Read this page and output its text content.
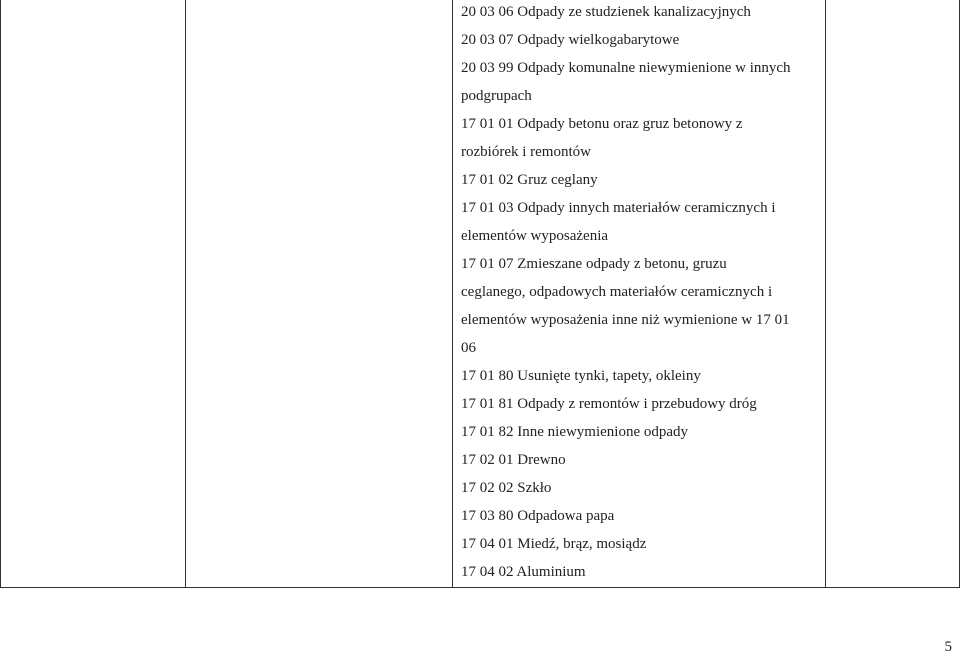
20 03 06 Odpady ze studzienek kanalizacyjnych
20 03 07 Odpady wielkogabarytowe
20 03 99 Odpady komunalne niewymienione w innych
podgrupach
17 01 01 Odpady betonu oraz gruz betonowy z
rozbiórek i remontów
17 01 02 Gruz ceglany
17 01 03 Odpady innych materiałów ceramicznych i
elementów wyposażenia
17 01 07 Zmieszane odpady z betonu, gruzu
ceglanego, odpadowych materiałów ceramicznych i
elementów wyposażenia inne niż wymienione w 17 01
06
17 01 80 Usunięte tynki, tapety, okleiny
17 01 81 Odpady z remontów i przebudowy dróg
17 01 82 Inne niewymienione odpady
17 02 01 Drewno
17 02 02 Szkło
17 03 80 Odpadowa papa
17 04 01 Miedź, brąz, mosiądz
17 04 02 Aluminium
5
